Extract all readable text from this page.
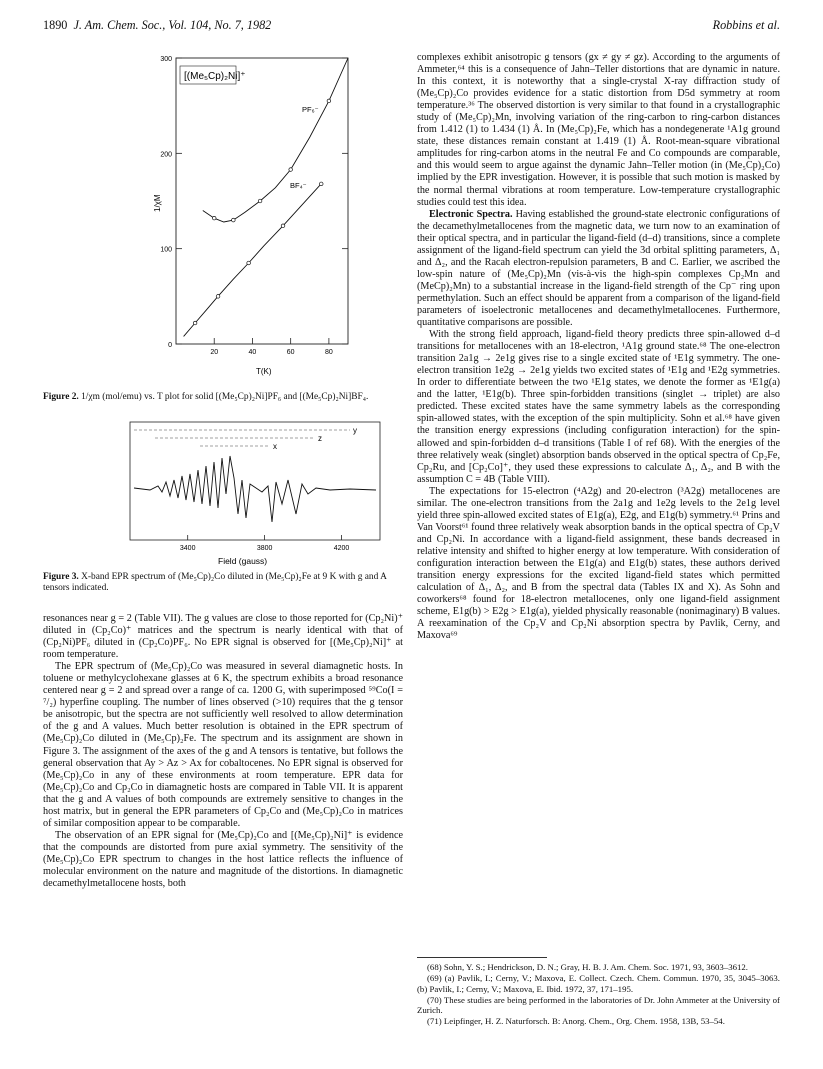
1890 J. Am. Chem. Soc., Vol. 104, No. 7, 1982	Robbins et al.
0
100
200
300
20	40	60	80
[(Me₅Cp)₂Ni]⁺
PF₆⁻
BF₄⁻
1/χM
T(K)
Figure 2. 1/χm (mol/emu) vs. T plot for solid [(Me₅Cp)₂Ni]PF₆ and [(Me₅Cp)₂Ni]BF₄.
y
z
x
3400	3800	4200
Field (gauss)
Figure 3. X-band EPR spectrum of (Me₅Cp)₂Co diluted in (Me₅Cp)₂Fe at 9 K with g and A tensors indicated.

resonances near g = 2 (Table VII). The g values are close to those reported for (Cp₂Ni)⁺ diluted in (Cp₂Co)⁺ matrices and the spectrum is nearly identical with that of (Cp₂Ni)PF₆ diluted in (Cp₂Co)PF₆. No EPR signal is observed for [(Me₅Cp)₂Ni]⁺ at room temperature.

The EPR spectrum of (Me₅Cp)₂Co was measured in several diamagnetic hosts. In toluene or methylcyclohexane glasses at 6 K, the spectrum exhibits a broad resonance centered near g = 2 and spread over a range of ca. 1200 G, with superimposed ⁵⁹Co(I = ⁷/₂) hyperfine coupling. The number of lines observed (>10) requires that the g tensor be anisotropic, but the spectra are not sufficiently well resolved to allow determination of the g and A values. Much better resolution is obtained in the EPR spectrum of (Me₅Cp)₂Co diluted in (Me₅Cp)₂Fe. The spectrum and its assignment are shown in Figure 3. The assignment of the axes of the g and A tensors is tentative, but follows the general observation that Ay > Az > Ax for cobaltocenes. No EPR signal is observed for (Me₅Cp)₂Co in any of these environments at room temperature. EPR data for (Me₅Cp)₂Co and Cp₂Co in diamagnetic hosts are compared in Table VII. It is apparent that the g and A values of both compounds are extremely sensitive to changes in the host matrix, but in general the EPR parameters of Cp₂Co and (Me₅Cp)₂Co in matrices of similar composition appear to be comparable.

The observation of an EPR signal for (Me₅Cp)₂Co and [(Me₅Cp)₂Ni]⁺ is evidence that the compounds are distorted from pure axial symmetry. The sensitivity of the (Me₅Cp)₂Co EPR spectrum to changes in the host lattice reflects the influence of molecular environment on the nature and magnitude of the distortions. In diamagnetic decamethylmetallocene hosts, both

complexes exhibit anisotropic g tensors (gx ≠ gy ≠ gz). According to the arguments of Ammeter,⁶⁴ this is a consequence of Jahn–Teller distortions that are dynamic in nature. In this context, it is noteworthy that a single-crystal X-ray diffraction study of (Me₅Cp)₂Co provides evidence for a static distortion from D5d symmetry at room temperature.³⁶ The observed distortion is very similar to that found in a crystallographic study of (Me₅Cp)₂Mn, involving variation of the ring-carbon to ring-carbon distances from 1.412 (1) to 1.434 (1) Å. In (Me₅Cp)₂Fe, which has a nondegenerate ¹A1g ground state, these distances remain constant at 1.419 (1) Å. Root-mean-square vibrational amplitudes for ring-carbon atoms in the neutral Fe and Co compounds are comparable, and this would seem to argue against the dynamic Jahn–Teller motion (in (Me₅Cp)₂Co) implied by the EPR investigation. However, it is possible that such motion is masked by the normal thermal vibrations at room temperature. Low-temperature crystallographic studies could test this idea.

Electronic Spectra. Having established the ground-state electronic configurations of the decamethylmetallocenes from the magnetic data, we turn now to an examination of their optical spectra, and in particular the ligand-field (d–d) transitions, since a complete assignment of the ligand-field spectrum can yield the 3d orbital splitting parameters, Δ₁ and Δ₂, and the Racah electron-repulsion parameters, B and C. Earlier, we ascribed the low-spin nature of (Me₅Cp)₂Mn (vis-à-vis the high-spin complexes Cp₂Mn and (MeCp)₂Mn) to a substantial increase in the ligand-field strength of the Cp⁻ ring upon permethylation. Such an effect should be apparent from a comparison of the ligand-field parameters of isoelectronic metallocenes and decamethylmetallocenes. Furthermore, quantitative comparisons are possible.

With the strong field approach, ligand-field theory predicts three spin-allowed d–d transitions for metallocenes with an 18-electron, ¹A1g ground state.⁶⁸ The one-electron transition 2a1g → 2e1g gives rise to a single excited state of ¹E1g symmetry. The one-electron transition 1e2g → 2e1g yields two excited states of ¹E1g and ¹E2g symmetries. In order to differentiate between the two ¹E1g states, we denote the former as ¹E1g(a) and the latter, ¹E1g(b). Three spin-forbidden transitions (singlet → triplet) are also predicted. These excited states have the same symmetry labels as the corresponding spin-allowed states, with the exception of the spin multiplicity. Sohn et al.⁶⁸ have given the transition energy expressions (including configuration interaction) for the spin-allowed and spin-forbidden d–d transitions (Table I of ref 68). With the energies of the three relatively weak (singlet) absorption bands observed in the optical spectra of Cp₂Fe, Cp₂Ru, and [Cp₂Co]⁺, they used these expressions to calculate Δ₁, Δ₂, and B with the assumption C = 4B (Table VIII).

The expectations for 15-electron (⁴A2g) and 20-electron (³A2g) metallocenes are similar. The one-electron transitions from the 2a1g and 1e2g levels to the 2e1g level yield three spin-allowed excited states of E1g(a), E2g, and E1g(b) symmetry.⁶¹ Prins and Van Voorst⁶¹ found three relatively weak absorption bands in the optical spectra of Cp₂V and Cp₂Ni. In accordance with a ligand-field assignment, these bands decreased in relative intensity and shifted to higher energy at low temperature. With consideration of configuration interaction between the E1g(a) and E1g(b) states, these authors derived transition energy expressions for the excited ligand-field states which permitted calculation of Δ₁, Δ₂, and B from the spectral data (Tables IX and X). As Sohn and coworkers⁶⁸ found for 18-electron metallocenes, only one ligand-field assignment scheme, E1g(b) > E2g > E1g(a), yielded physically reasonable (nonimaginary) B values. A reexamination of the Cp₂V and Cp₂Ni absorption spectra by Pavlik, Cerny, and Maxova⁶⁹

(68) Sohn, Y. S.; Hendrickson, D. N.; Gray, H. B. J. Am. Chem. Soc. 1971, 93, 3603–3612.

(69) (a) Pavlik, I.; Cerny, V.; Maxova, E. Collect. Czech. Chem. Commun. 1970, 35, 3045–3063. (b) Pavlik, I.; Cerny, V.; Maxova, E. Ibid. 1972, 37, 171–195.

(70) These studies are being performed in the laboratories of Dr. John Ammeter at the University of Zurich.

(71) Leipfinger, H. Z. Naturforsch. B: Anorg. Chem., Org. Chem. 1958, 13B, 53–54.
